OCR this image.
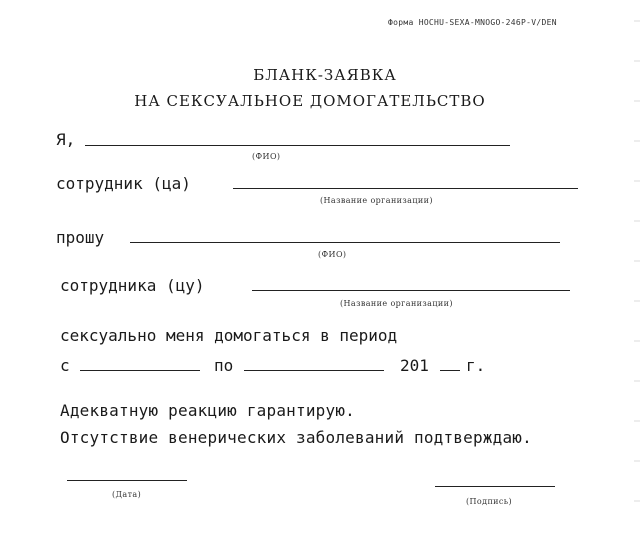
Форма HOCHU-SEXA-MNOGO-246P-V/DEN
БЛАНК-ЗАЯВКА
НА СЕКСУАЛЬНОЕ ДОМОГАТЕЛЬСТВО
Я,
(ФИО)
сотрудник (ца)
(Название организации)
прошу
(ФИО)
сотрудника (цу)
(Название организации)
сексуально меня домогаться в период
с	по	201 г.
Адекватную реакцию гарантирую.
Отсутствие венерических заболеваний подтверждаю.
(Дата)
(Подпись)
